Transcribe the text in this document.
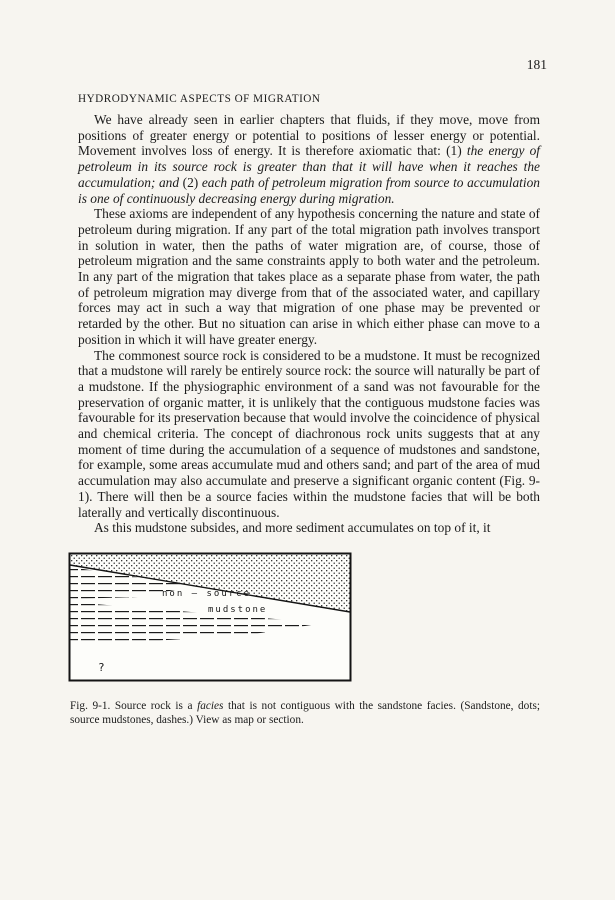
181
HYDRODYNAMIC ASPECTS OF MIGRATION

We have already seen in earlier chapters that fluids, if they move, move from positions of greater energy or potential to positions of lesser energy or potential. Movement involves loss of energy. It is therefore axiomatic that: (1) the energy of petroleum in its source rock is greater than that it will have when it reaches the accumulation; and (2) each path of petroleum migration from source to accumulation is one of continuously decreasing energy during migration.

These axioms are independent of any hypothesis concerning the nature and state of petroleum during migration. If any part of the total migration path involves transport in solution in water, then the paths of water migration are, of course, those of petroleum migration and the same constraints apply to both water and the petroleum. In any part of the migration that takes place as a separate phase from water, the path of petroleum migration may diverge from that of the associated water, and capillary forces may act in such a way that migration of one phase may be prevented or retarded by the other. But no situation can arise in which either phase can move to a position in which it will have greater energy.

The commonest source rock is considered to be a mudstone. It must be recognized that a mudstone will rarely be entirely source rock: the source will naturally be part of a mudstone. If the physiographic environment of a sand was not favourable for the preservation of organic matter, it is unlikely that the contiguous mudstone facies was favourable for its preservation because that would involve the coincidence of physical and chemical criteria. The concept of diachronous rock units suggests that at any moment of time during the accumulation of a sequence of mudstones and sandstone, for example, some areas accumulate mud and others sand; and part of the area of mud accumulation may also accumulate and preserve a significant organic content (Fig. 9-1). There will then be a source facies within the mudstone facies that will be both laterally and vertically discontinuous.

As this mudstone subsides, and more sediment accumulates on top of it, it

non – source
mudstone
?
Fig. 9-1. Source rock is a facies that is not contiguous with the sandstone facies. (Sandstone, dots; source mudstones, dashes.) View as map or section.
